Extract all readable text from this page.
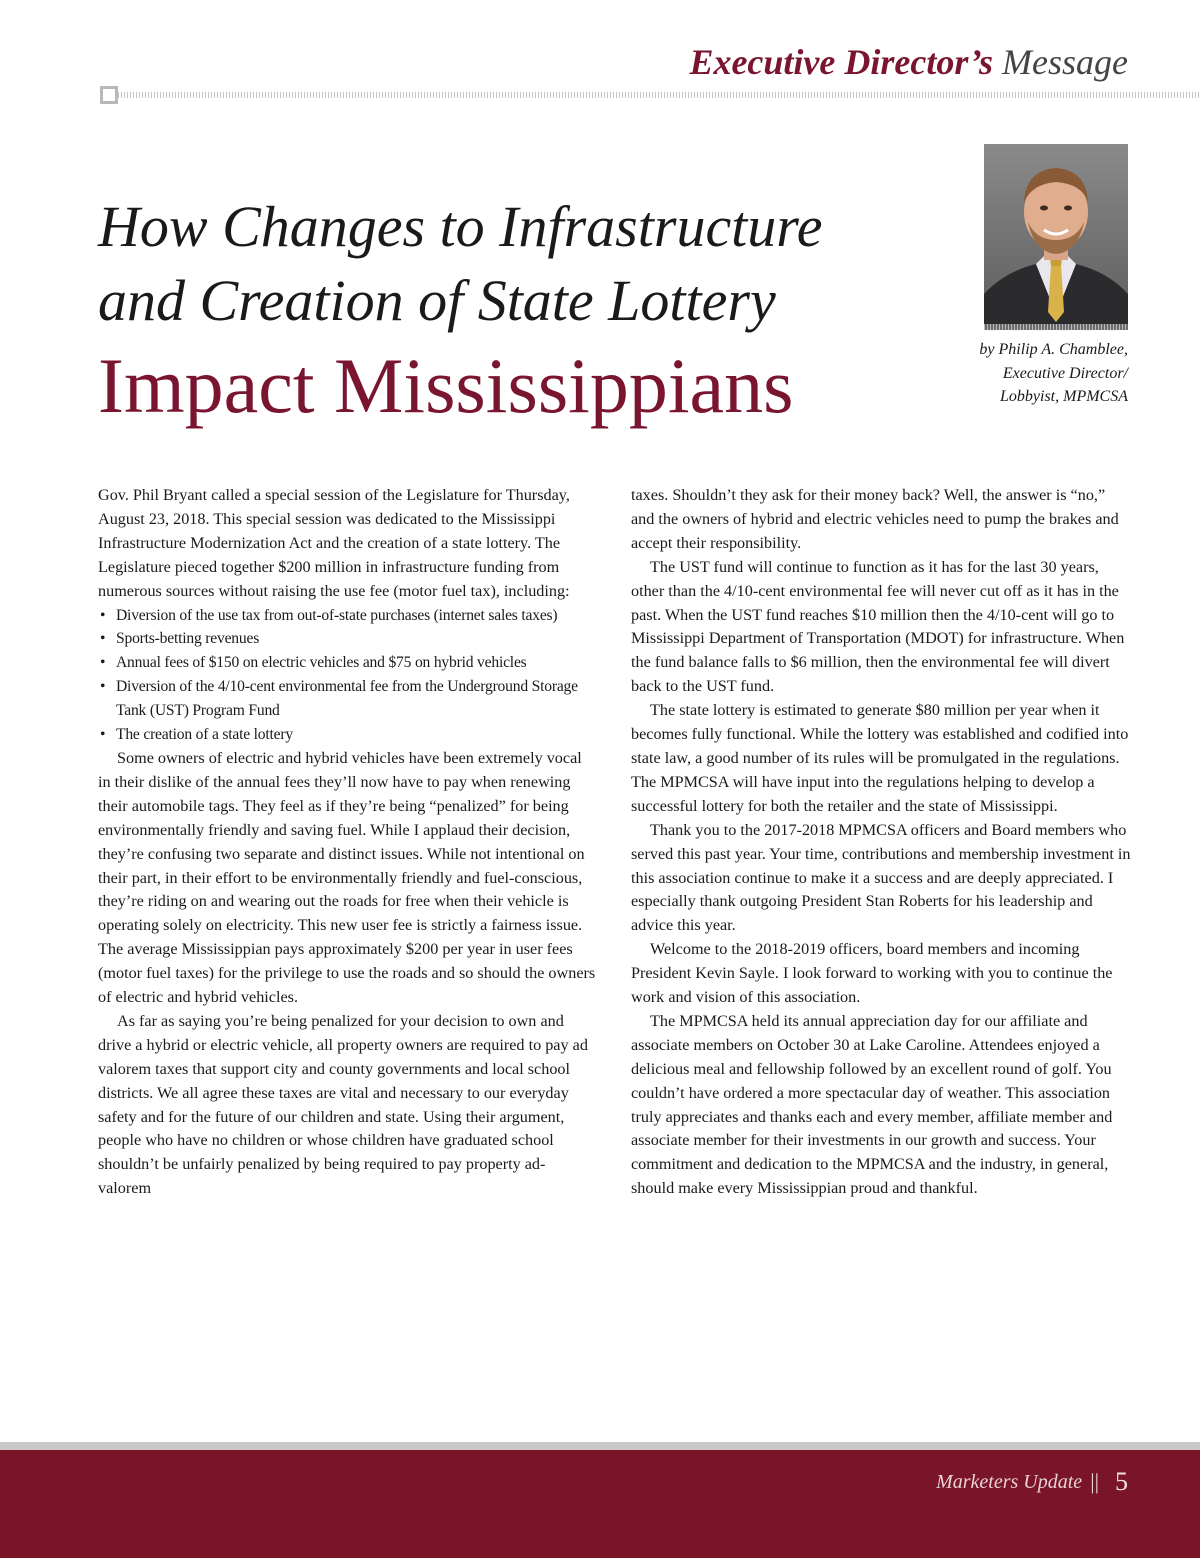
Executive Director’s Message
How Changes to Infrastructure
and Creation of State Lottery
Impact Mississippians	by Philip A. Chamblee,
Executive Director/
Lobbyist, MPMCSA

Gov. Phil Bryant called a special session of the Legislature for Thursday, August 23, 2018. This special session was dedicated to the Mississippi Infrastructure Modernization Act and the creation of a state lottery. The Legislature pieced together $200 million in infrastructure funding from numerous sources without raising the use fee (motor fuel tax), including:

• Diversion of the use tax from out-of-state purchases (internet sales taxes)
• Sports-betting revenues
• Annual fees of $150 on electric vehicles and $75 on hybrid vehicles
• Diversion of the 4/10-cent environmental fee from the Underground Storage Tank (UST) Program Fund
• The creation of a state lottery

Some owners of electric and hybrid vehicles have been extremely vocal in their dislike of the annual fees they’ll now have to pay when renewing their automobile tags. They feel as if they’re being “penalized” for being environmentally friendly and saving fuel. While I applaud their decision, they’re confusing two separate and distinct issues. While not intentional on their part, in their effort to be environmentally friendly and fuel-conscious, they’re riding on and wearing out the roads for free when their vehicle is operating solely on electricity. This new user fee is strictly a fairness issue. The average Mississippian pays approximately $200 per year in user fees (motor fuel taxes) for the privilege to use the roads and so should the owners of electric and hybrid vehicles.

As far as saying you’re being penalized for your decision to own and drive a hybrid or electric vehicle, all property owners are required to pay ad valorem taxes that support city and county governments and local school districts. We all agree these taxes are vital and necessary to our everyday safety and for the future of our children and state. Using their argument, people who have no children or whose children have graduated school shouldn’t be unfairly penalized by being required to pay property ad-valorem

taxes. Shouldn’t they ask for their money back? Well, the answer is “no,” and the owners of hybrid and electric vehicles need to pump the brakes and accept their responsibility.

The UST fund will continue to function as it has for the last 30 years, other than the 4/10-cent environmental fee will never cut off as it has in the past. When the UST fund reaches $10 million then the 4/10-cent will go to Mississippi Department of Transportation (MDOT) for infrastructure. When the fund balance falls to $6 million, then the environmental fee will divert back to the UST fund.

The state lottery is estimated to generate $80 million per year when it becomes fully functional. While the lottery was established and codified into state law, a good number of its rules will be promulgated in the regulations. The MPMCSA will have input into the regulations helping to develop a successful lottery for both the retailer and the state of Mississippi.

Thank you to the 2017-2018 MPMCSA officers and Board members who served this past year. Your time, contributions and membership investment in this association continue to make it a success and are deeply appreciated. I especially thank outgoing President Stan Roberts for his leadership and advice this year.

Welcome to the 2018-2019 officers, board members and incoming President Kevin Sayle. I look forward to working with you to continue the work and vision of this association.

The MPMCSA held its annual appreciation day for our affiliate and associate members on October 30 at Lake Caroline. Attendees enjoyed a delicious meal and fellowship followed by an excellent round of golf. You couldn’t have ordered a more spectacular day of weather. This association truly appreciates and thanks each and every member, affiliate member and associate member for their investments in our growth and success. Your commitment and dedication to the MPMCSA and the industry, in general, should make every Mississippian proud and thankful.

Marketers Update || 5
